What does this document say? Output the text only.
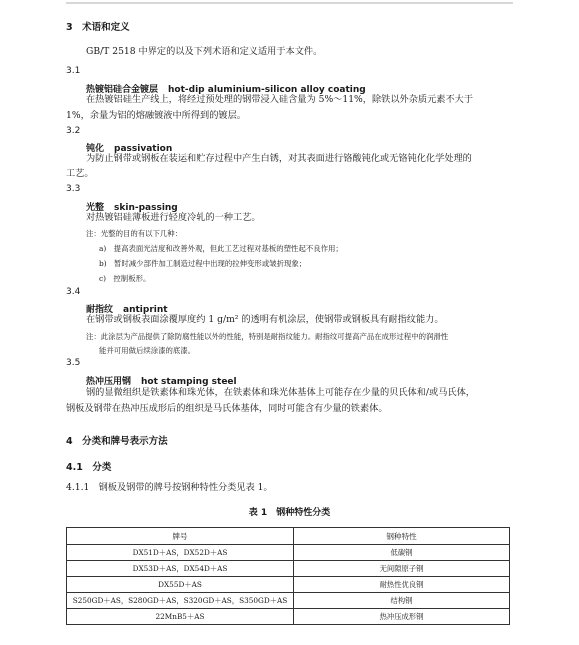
3　术语和定义
GB/T 2518 中界定的以及下列术语和定义适用于本文件。
3.1
热镀铝硅合金镀层 hot-dip aluminium-silicon alloy coating
在热镀铝硅生产线上，将经过预处理的钢带浸入硅含量为 5%～11%，除铁以外杂质元素不大于
1%，余量为铝的熔融镀液中所得到的镀层。
3.2
钝化 passivation
为防止钢带或钢板在装运和贮存过程中产生白锈，对其表面进行铬酸钝化或无铬钝化化学处理的
工艺。
3.3
光整 skin-passing
对热镀铝硅薄板进行轻度冷轧的一种工艺。
注：光整的目的有以下几种：
a)　提高表面光洁度和改善外观，但此工艺过程对基板的塑性起不良作用；
b)　暂时减少部件加工制造过程中出现的拉伸变形或皱折现象；
c)　控制板形。
3.4
耐指纹 antiprint
在钢带或钢板表面涂覆厚度约 1 g/m² 的透明有机涂层，使钢带或钢板具有耐指纹能力。
注：此涂层为产品提供了除防腐性能以外的性能，特别是耐指纹能力。耐指纹可提高产品在成形过程中的润滑性
能并可用做后续涂漆的底漆。
3.5
热冲压用钢 hot stamping steel
钢的显微组织是铁素体和珠光体，在铁素体和珠光体基体上可能存在少量的贝氏体和/或马氏体，
钢板及钢带在热冲压成形后的组织是马氏体基体，同时可能含有少量的铁素体。
4　分类和牌号表示方法
4.1　分类
4.1.1　钢板及钢带的牌号按钢种特性分类见表 1。
表 1　钢种特性分类
牌号	钢种特性
DX51D＋AS，DX52D＋AS	低碳钢
DX53D＋AS，DX54D＋AS	无间隙原子钢
DX55D＋AS	耐热性优良钢
S250GD＋AS，S280GD＋AS，S320GD＋AS，S350GD＋AS	结构钢
22MnB5＋AS	热冲压成形钢
